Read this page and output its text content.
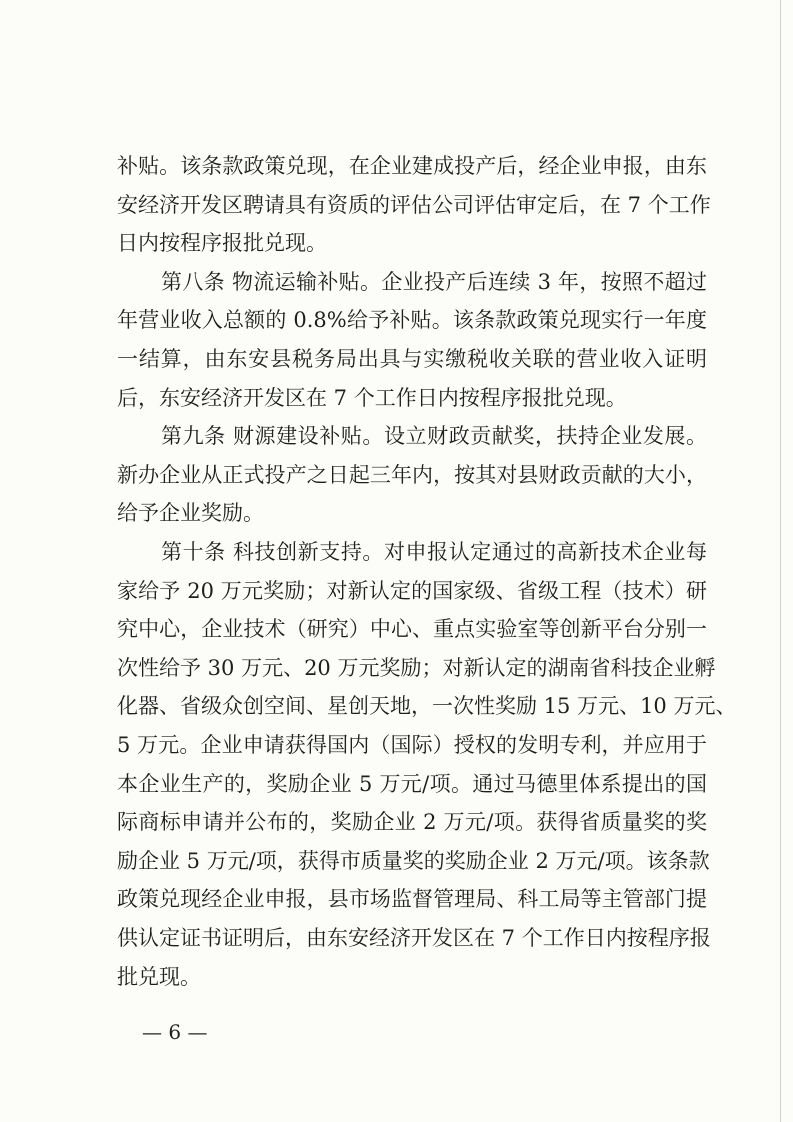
补贴。该条款政策兑现，在企业建成投产后，经企业申报，由东
安经济开发区聘请具有资质的评估公司评估审定后，在 7 个工作
日内按程序报批兑现。
第八条 物流运输补贴。企业投产后连续 3 年，按照不超过
年营业收入总额的 0.8%给予补贴。该条款政策兑现实行一年度
一结算，由东安县税务局出具与实缴税收关联的营业收入证明
后，东安经济开发区在 7 个工作日内按程序报批兑现。
第九条 财源建设补贴。设立财政贡献奖，扶持企业发展。
新办企业从正式投产之日起三年内，按其对县财政贡献的大小，
给予企业奖励。
第十条 科技创新支持。对申报认定通过的高新技术企业每
家给予 20 万元奖励；对新认定的国家级、省级工程（技术）研
究中心，企业技术（研究）中心、重点实验室等创新平台分别一
次性给予 30 万元、20 万元奖励；对新认定的湖南省科技企业孵
化器、省级众创空间、星创天地，一次性奖励 15 万元、10 万元、
5 万元。企业申请获得国内（国际）授权的发明专利，并应用于
本企业生产的，奖励企业 5 万元/项。通过马德里体系提出的国
际商标申请并公布的，奖励企业 2 万元/项。获得省质量奖的奖
励企业 5 万元/项，获得市质量奖的奖励企业 2 万元/项。该条款
政策兑现经企业申报，县市场监督管理局、科工局等主管部门提
— 6 —
供认定证书证明后，由东安经济开发区在 7 个工作日内按程序报
批兑现。
